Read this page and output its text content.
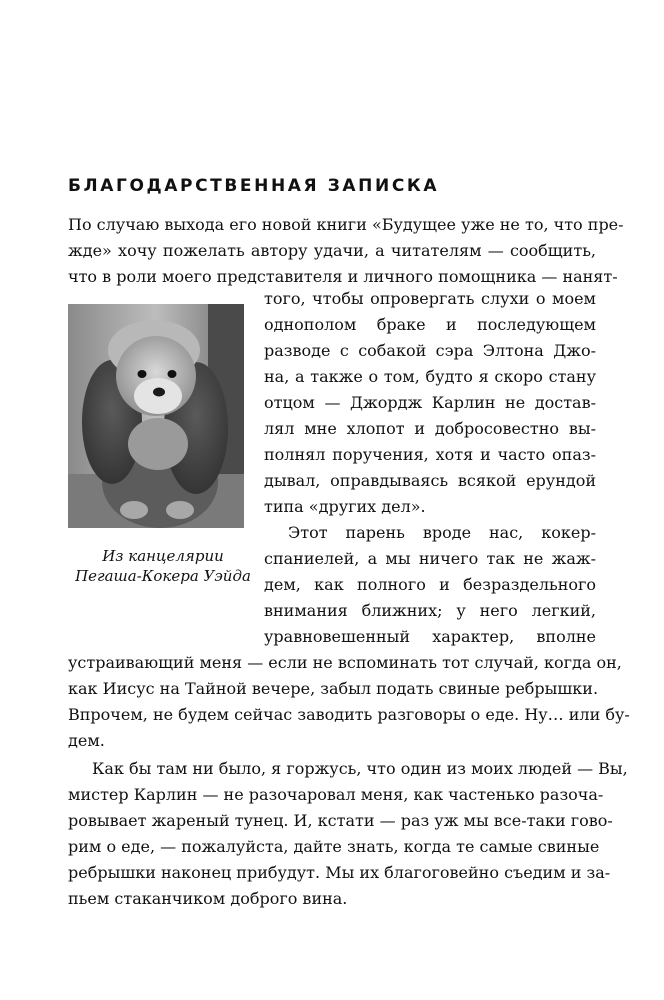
БЛАГОДАРСТВЕННАЯ ЗАПИСКА
По случаю выхода его новой книги «Будущее уже не то, что пре-
жде» хочу пожелать автору удачи, а читателям — сообщить,
что в роли моего представителя и личного помощника — нанят-
того, чтобы опровергать слухи о моем
однополом браке и последующем
разводе с собакой сэра Элтона Джо-
на, а также о том, будто я скоро стану
отцом — Джордж Карлин не достав-
лял мне хлопот и добросовестно вы-
полнял поручения, хотя и часто опаз-
дывал, оправдываясь всякой ерундой
типа «других дел».
Этот парень вроде нас, кокер-
спаниелей, а мы ничего так не жаж-
дем, как полного и безраздельного
внимания ближних; у него легкий,
уравновешенный характер, вполне
Из канцелярии
Пегаша-Кокера Уэйда
устраивающий меня — если не вспоминать тот случай, когда он,
как Иисус на Тайной вечере, забыл подать свиные ребрышки.
Впрочем, не будем сейчас заводить разговоры о еде. Ну… или бу-
дем.
Как бы там ни было, я горжусь, что один из моих людей — Вы,
мистер Карлин — не разочаровал меня, как частенько разоча-
ровывает жареный тунец. И, кстати — раз уж мы все-таки гово-
рим о еде, — пожалуйста, дайте знать, когда те самые свиные
ребрышки наконец прибудут. Мы их благоговейно съедим и за-
пьем стаканчиком доброго вина.
